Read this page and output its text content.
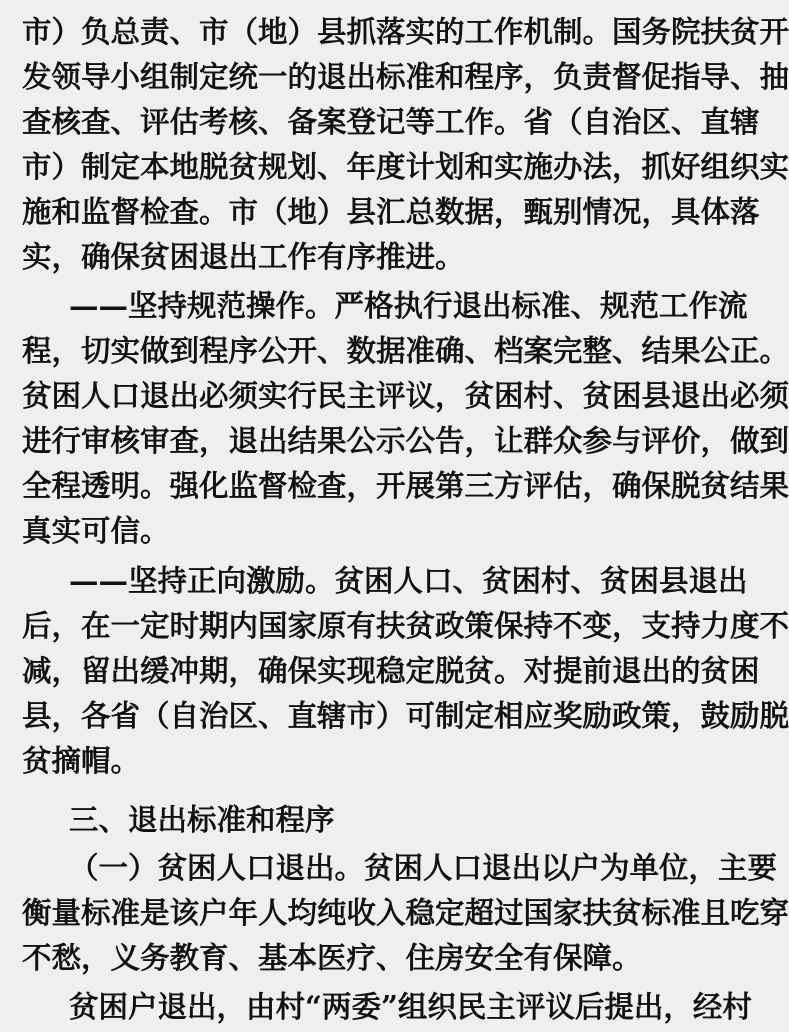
市）负总责、市（地）县抓落实的工作机制。国务院扶贫开
发领导小组制定统一的退出标准和程序，负责督促指导、抽
查核查、评估考核、备案登记等工作。省（自治区、直辖
市）制定本地脱贫规划、年度计划和实施办法，抓好组织实
施和监督检查。市（地）县汇总数据，甄别情况，具体落
实，确保贫困退出工作有序推进。
——坚持规范操作。严格执行退出标准、规范工作流
程，切实做到程序公开、数据准确、档案完整、结果公正。
贫困人口退出必须实行民主评议，贫困村、贫困县退出必须
进行审核审查，退出结果公示公告，让群众参与评价，做到
全程透明。强化监督检查，开展第三方评估，确保脱贫结果
真实可信。
——坚持正向激励。贫困人口、贫困村、贫困县退出
后，在一定时期内国家原有扶贫政策保持不变，支持力度不
减，留出缓冲期，确保实现稳定脱贫。对提前退出的贫困
县，各省（自治区、直辖市）可制定相应奖励政策，鼓励脱
贫摘帽。
三、退出标准和程序
（一）贫困人口退出。贫困人口退出以户为单位，主要
衡量标准是该户年人均纯收入稳定超过国家扶贫标准且吃穿
不愁，义务教育、基本医疗、住房安全有保障。
贫困户退出，由村“两委”组织民主评议后提出，经村
